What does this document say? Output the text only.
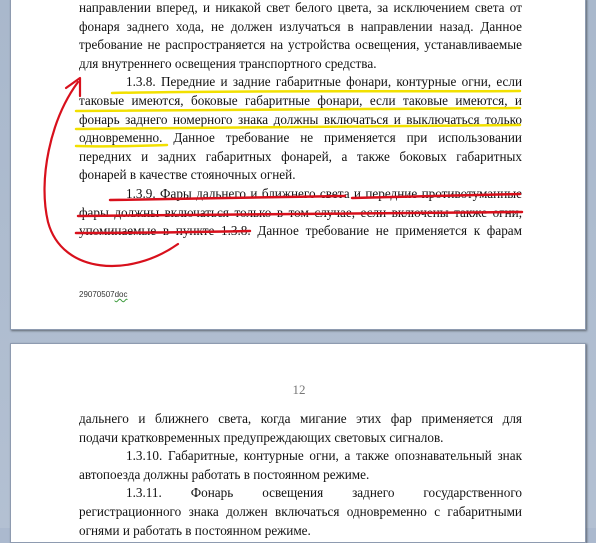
направлении вперед, и никакой свет белого цвета, за исключением света от
фонаря заднего хода, не должен излучаться в направлении назад. Данное
требование не распространяется на устройства освещения, устанавливаемые
для внутреннего освещения транспортного средства.
1.3.8. Передние и задние габаритные фонари, контурные огни, если
таковые имеются, боковые габаритные фонари, если таковые имеются, и
фонарь заднего номерного знака должны включаться и выключаться только
одновременно. Данное требование не применяется при использовании
передних и задних габаритных фонарей, а также боковых габаритных
фонарей в качестве стояночных огней.
1.3.9. Фары дальнего и ближнего света и передние противотуманные
фары должны включаться только в том случае, если включены также огни,
упоминаемые в пункте 1.3.8. Данное требование не применяется к фарам
29070507doc
12
дальнего и ближнего света, когда мигание этих фар применяется для
подачи кратковременных предупреждающих световых сигналов.
1.3.10. Габаритные, контурные огни, а также опознавательный знак
автопоезда должны работать в постоянном режиме.
1.3.11. Фонарь освещения заднего государственного
регистрационного знака должен включаться одновременно с габаритными
огнями и работать в постоянном режиме.
